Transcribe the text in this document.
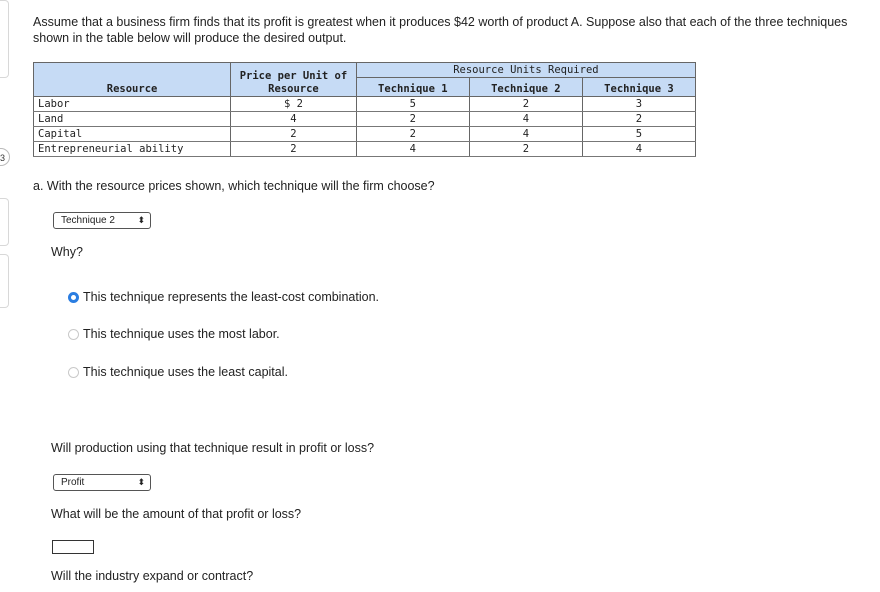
3
Assume that a business firm finds that its profit is greatest when it produces $42 worth of product A. Suppose also that each of the three techniques shown in the table below will produce the desired output.
Resource	Price per Unit of Resource	Resource Units Required		
		Technique 1	Technique 2	Technique 3
Labor	$ 2	5	2	3
Land	4	2	4	2
Capital	2	2	4	5
Entrepreneurial ability	2	4	2	4
a. With the resource prices shown, which technique will the firm choose?
Technique 2	⬍
Why?
This technique represents the least-cost combination.
This technique uses the most labor.
This technique uses the least capital.
Will production using that technique result in profit or loss?
Profit	⬍
What will be the amount of that profit or loss?
Will the industry expand or contract?
